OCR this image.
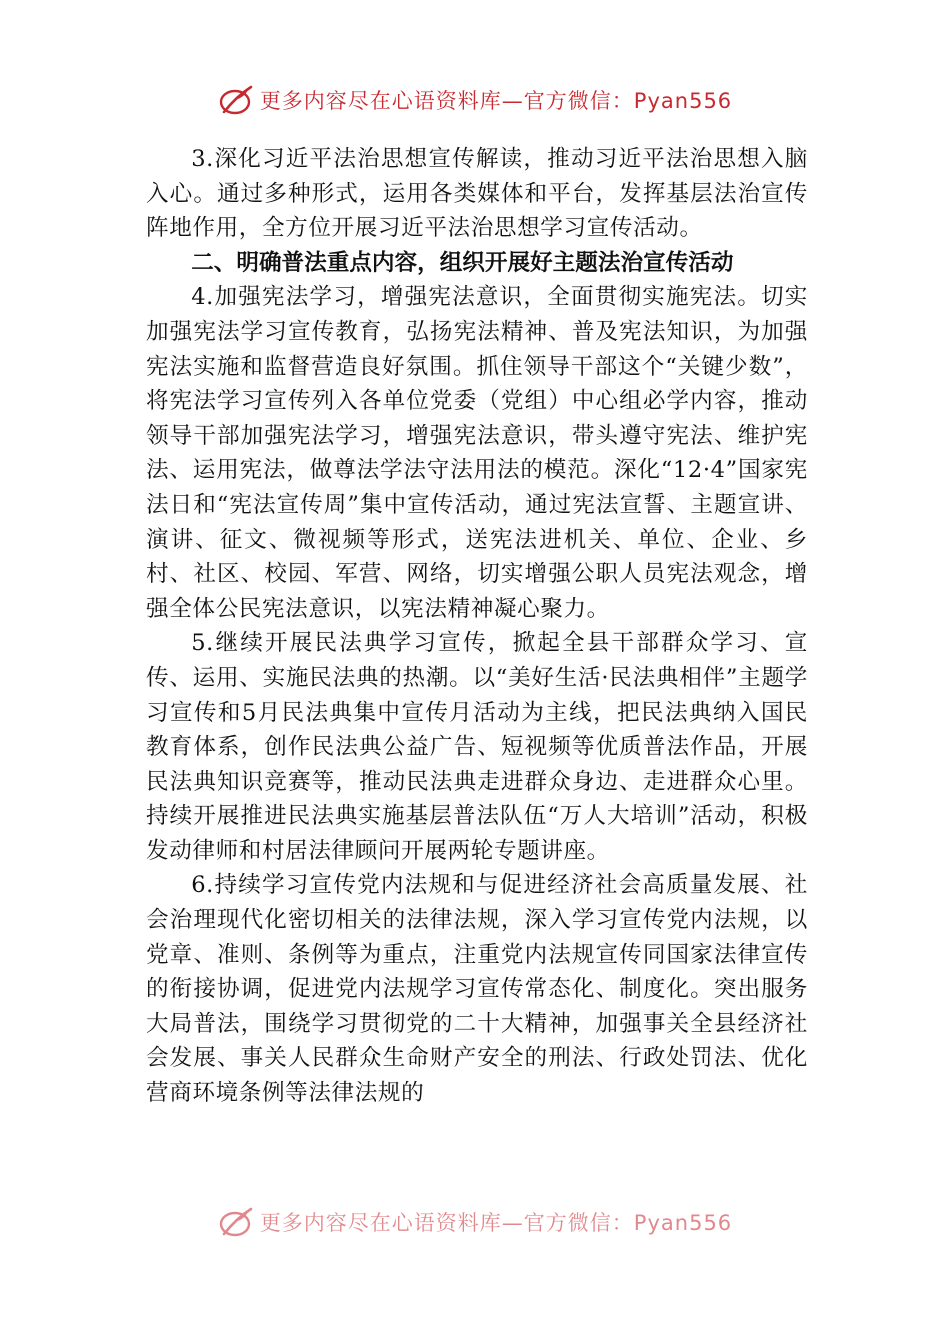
更多内容尽在心语资料库—官方微信：Pyan556

3.深化习近平法治思想宣传解读，推动习近平法治思想入脑入心。通过多种形式，运用各类媒体和平台，发挥基层法治宣传阵地作用，全方位开展习近平法治思想学习宣传活动。

二、明确普法重点内容，组织开展好主题法治宣传活动

4.加强宪法学习，增强宪法意识，全面贯彻实施宪法。切实加强宪法学习宣传教育，弘扬宪法精神、普及宪法知识，为加强宪法实施和监督营造良好氛围。抓住领导干部这个“关键少数”，将宪法学习宣传列入各单位党委（党组）中心组必学内容，推动领导干部加强宪法学习，增强宪法意识，带头遵守宪法、维护宪法、运用宪法，做尊法学法守法用法的模范。深化“12·4”国家宪法日和“宪法宣传周”集中宣传活动，通过宪法宣誓、主题宣讲、演讲、征文、微视频等形式，送宪法进机关、单位、企业、乡村、社区、校园、军营、网络，切实增强公职人员宪法观念，增强全体公民宪法意识，以宪法精神凝心聚力。

5.继续开展民法典学习宣传，掀起全县干部群众学习、宣传、运用、实施民法典的热潮。以“美好生活·民法典相伴”主题学习宣传和5月民法典集中宣传月活动为主线，把民法典纳入国民教育体系，创作民法典公益广告、短视频等优质普法作品，开展民法典知识竞赛等，推动民法典走进群众身边、走进群众心里。持续开展推进民法典实施基层普法队伍“万人大培训”活动，积极发动律师和村居法律顾问开展两轮专题讲座。

6.持续学习宣传党内法规和与促进经济社会高质量发展、社会治理现代化密切相关的法律法规，深入学习宣传党内法规，以党章、准则、条例等为重点，注重党内法规宣传同国家法律宣传的衔接协调，促进党内法规学习宣传常态化、制度化。突出服务大局普法，围绕学习贯彻党的二十大精神，加强事关全县经济社会发展、事关人民群众生命财产安全的刑法、行政处罚法、优化营商环境条例等法律法规的

更多内容尽在心语资料库—官方微信：Pyan556
